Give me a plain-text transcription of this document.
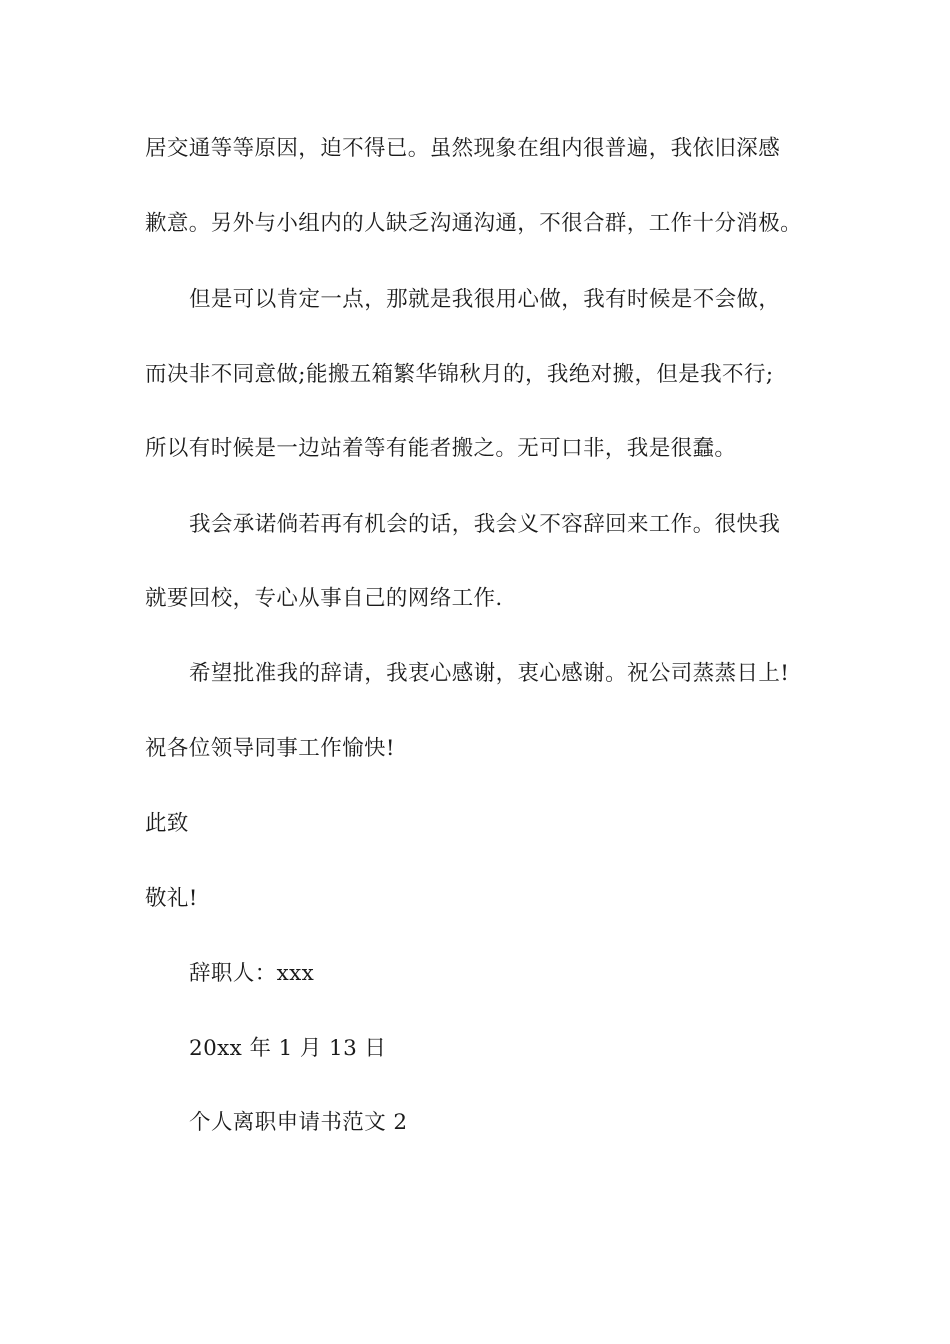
居交通等等原因，迫不得已。虽然现象在组内很普遍，我依旧深感
歉意。另外与小组内的人缺乏沟通沟通，不很合群，工作十分消极。
但是可以肯定一点，那就是我很用心做，我有时候是不会做，
而决非不同意做;能搬五箱繁华锦秋月的，我绝对搬，但是我不行;
所以有时候是一边站着等有能者搬之。无可口非，我是很蠢。
我会承诺倘若再有机会的话，我会义不容辞回来工作。很快我
就要回校，专心从事自己的网络工作.
希望批准我的辞请，我衷心感谢，衷心感谢。祝公司蒸蒸日上!
祝各位领导同事工作愉快!
此致
敬礼!
辞职人：xxx
20xx 年 1 月 13 日
个人离职申请书范文 2
